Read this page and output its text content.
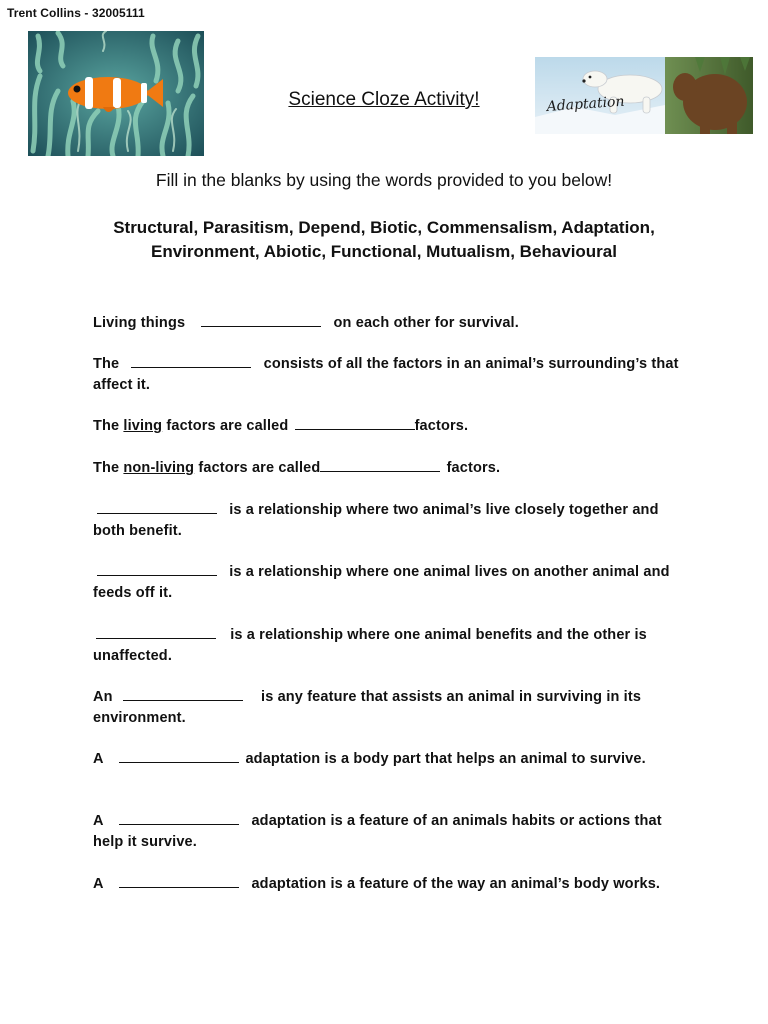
Trent Collins - 32005111
Adaptation
Science Cloze Activity!
Fill in the blanks by using the words provided to you below!
Structural, Parasitism, Depend, Biotic, Commensalism, Adaptation,
Environment, Abiotic, Functional, Mutualism, Behavioural
Living things	on each other for survival.
The	consists of all the factors in an animal’s surrounding’s that affect it.
The living factors are called	factors.
The non-living factors are called	factors.
is a relationship where two animal’s live closely together and both benefit.
is a relationship where one animal lives on another animal and feeds off it.
is a relationship where one animal benefits and the other is unaffected.
An	is any feature that assists an animal in surviving in its environment.
A	adaptation is a body part that helps an animal to survive.
A	adaptation is a feature of an animals habits or actions that help it survive.
A	adaptation is a feature of the way an animal’s body works.
